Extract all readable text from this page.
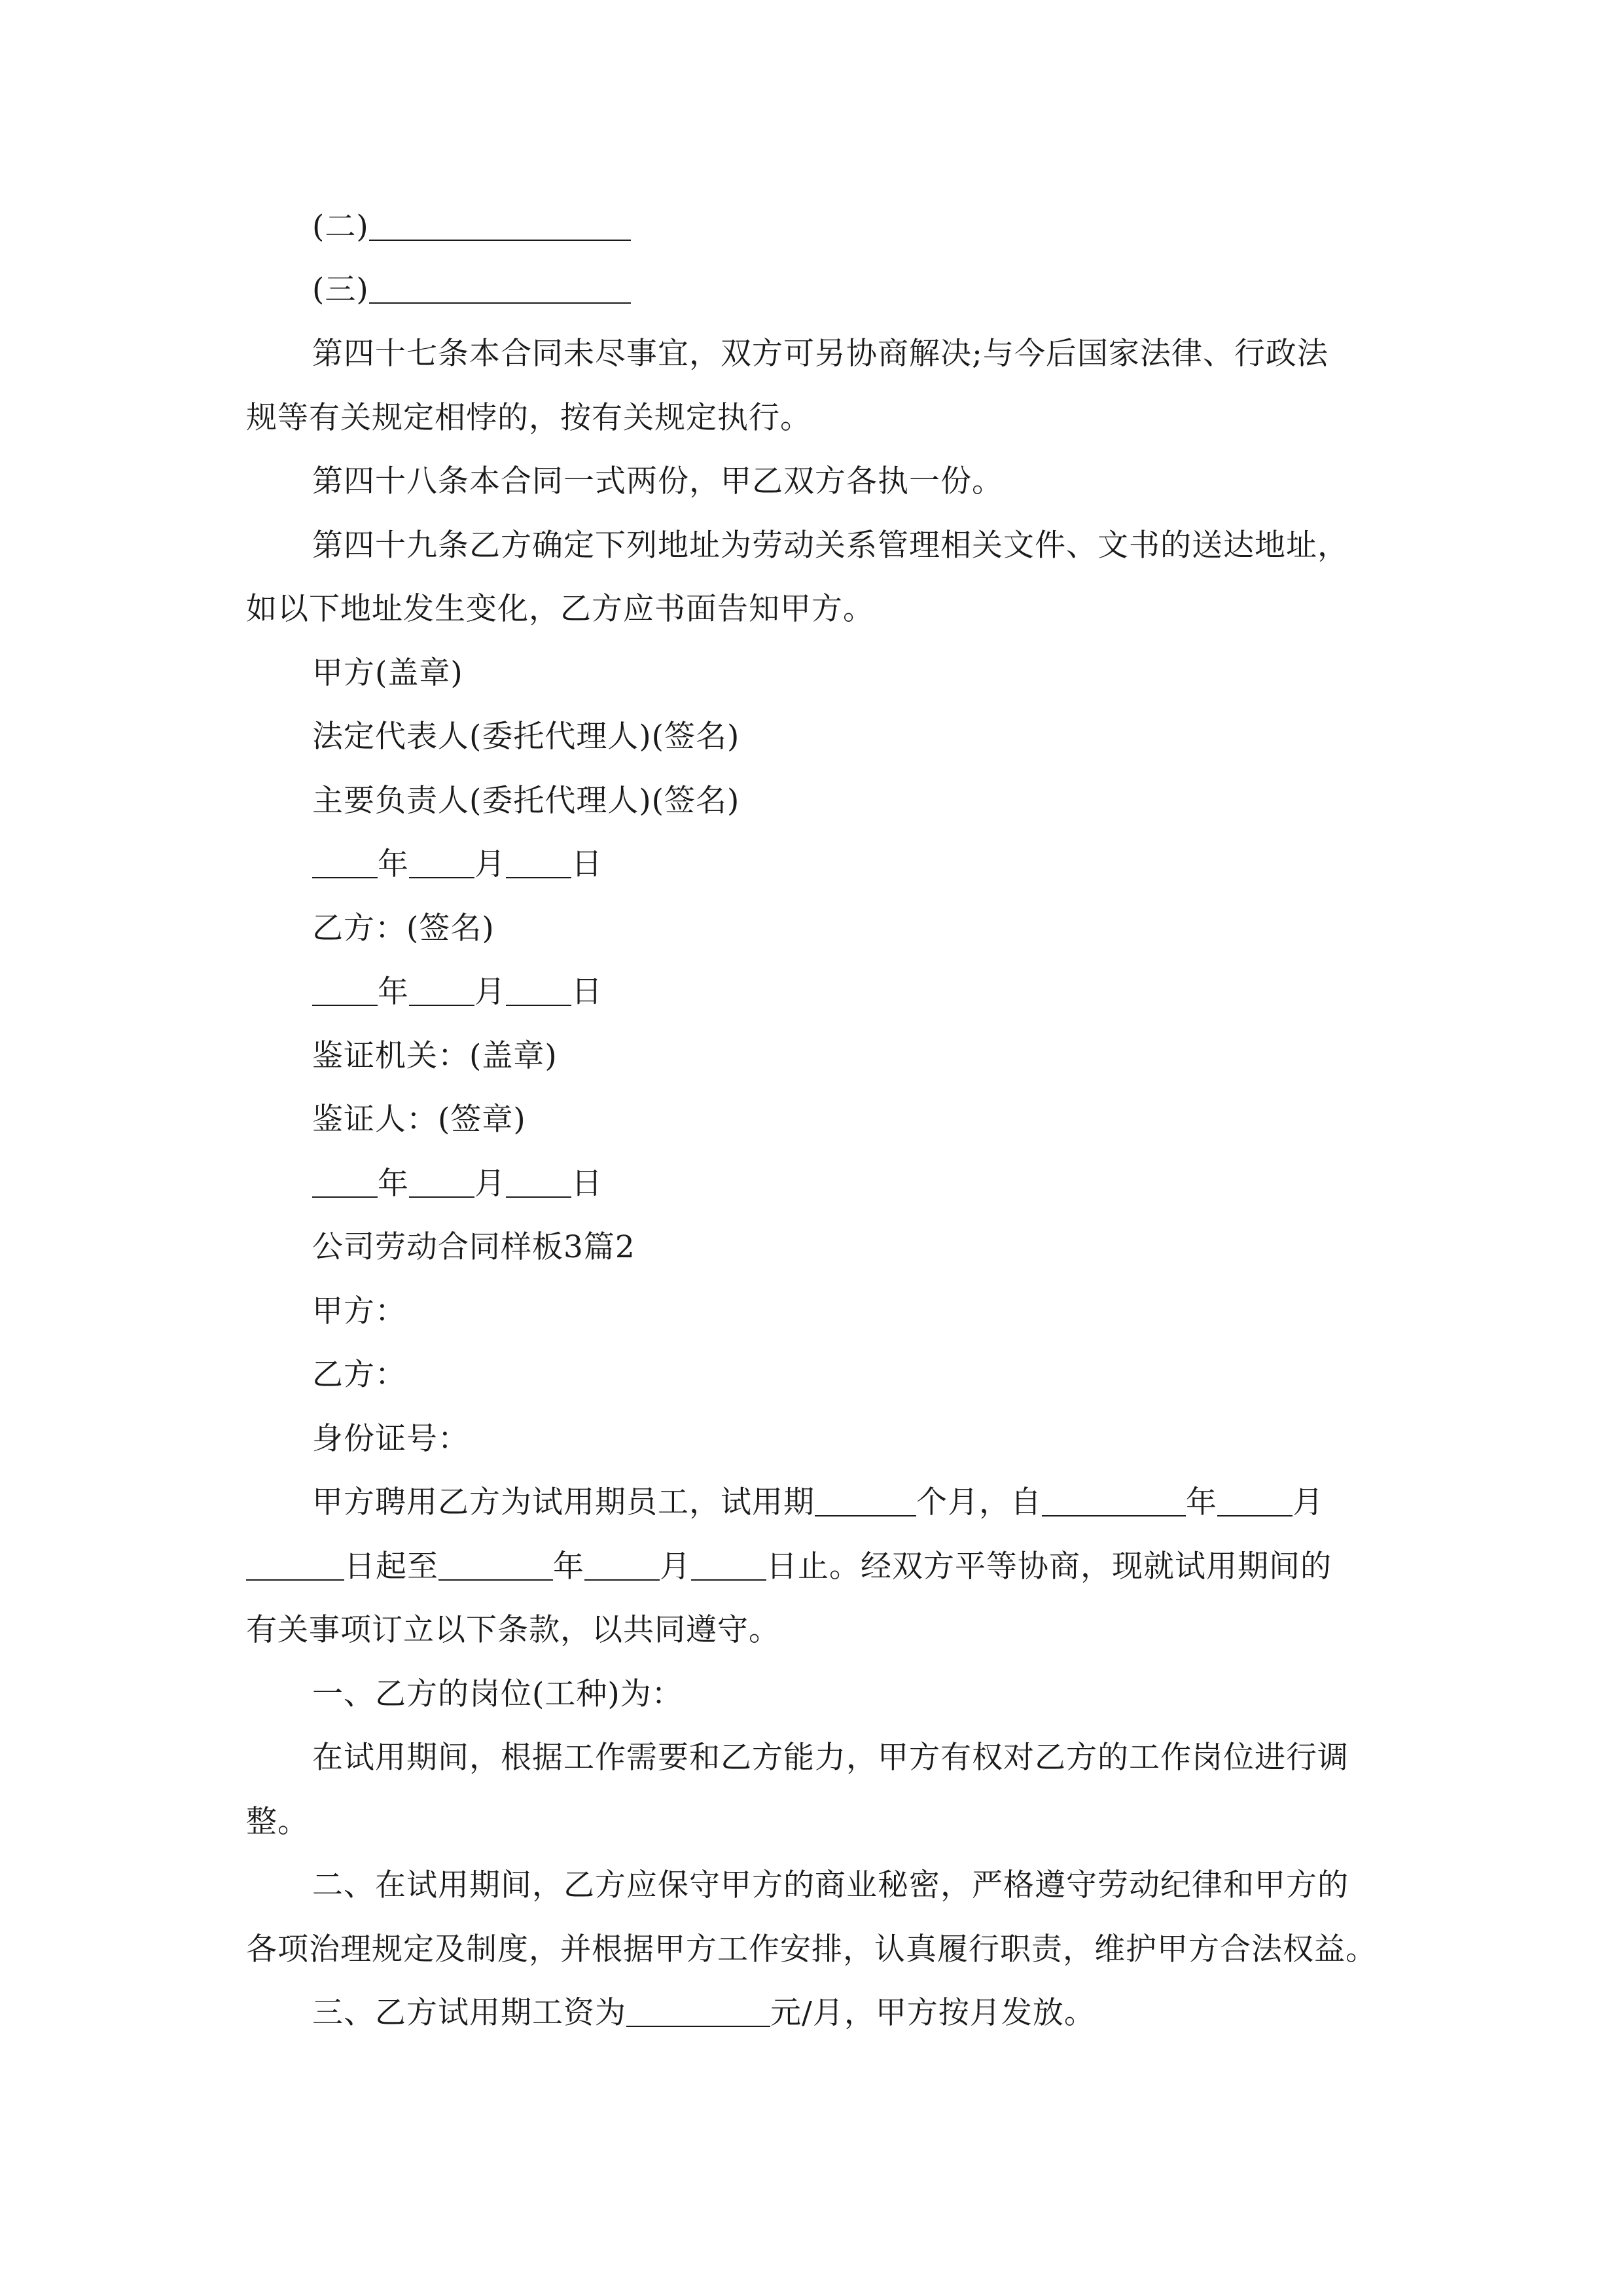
(二)
(三)
第四十七条本合同未尽事宜，双方可另协商解决;与今后国家法律、行政法
规等有关规定相悖的，按有关规定执行。
第四十八条本合同一式两份，甲乙双方各执一份。
第四十九条乙方确定下列地址为劳动关系管理相关文件、文书的送达地址，
如以下地址发生变化，乙方应书面告知甲方。
甲方(盖章)
法定代表人(委托代理人)(签名)
主要负责人(委托代理人)(签名)
年 月 日
乙方：(签名)
年 月 日
鉴证机关：(盖章)
鉴证人：(签章)
年 月 日
公司劳动合同样板3篇2
甲方：
乙方：
身份证号：
甲方聘用乙方为试用期员工，试用期	个月，自	年 月
日起至	年 月 日止。经双方平等协商，现就试用期间的
有关事项订立以下条款，以共同遵守。
一、乙方的岗位(工种)为：
在试用期间，根据工作需要和乙方能力，甲方有权对乙方的工作岗位进行调
整。
二、在试用期间，乙方应保守甲方的商业秘密，严格遵守劳动纪律和甲方的
各项治理规定及制度，并根据甲方工作安排，认真履行职责，维护甲方合法权益。
三、乙方试用期工资为	元/月，甲方按月发放。
